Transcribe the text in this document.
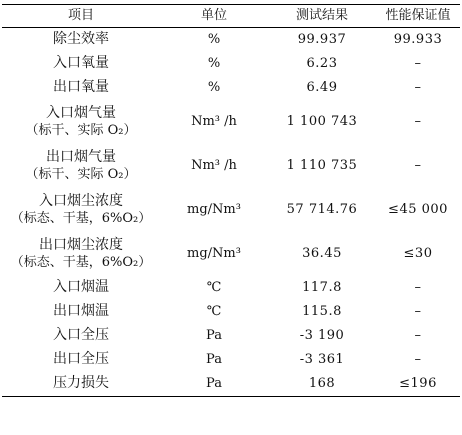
项目	单位	测试结果	性能保证值
除尘效率	%	99.937	99.933
入口氧量	%	6.23	–
出口氧量	%	6.49	–
入口烟气量
（标干、实际 O₂）	Nm³ /h	1 100 743	–
出口烟气量
（标干、实际 O₂）	Nm³ /h	1 110 735	–
入口烟尘浓度
（标态、干基，6%O₂）	mg/Nm³	57 714.76	≤45 000
出口烟尘浓度
（标态、干基，6%O₂）	mg/Nm³	36.45	≤30
入口烟温	℃	117.8	–
出口烟温	℃	115.8	–
入口全压	Pa	-3 190	–
出口全压	Pa	-3 361	–
压力损失	Pa	168	≤196
